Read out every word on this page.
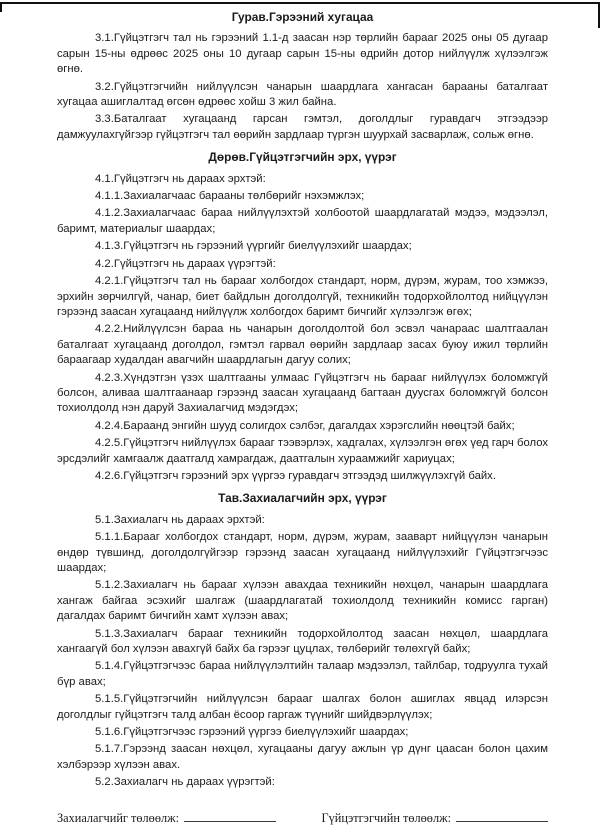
Гурав.Гэрээний хугацаа

3.1.Гүйцэтгэгч тал нь гэрээний 1.1-д заасан нэр төрлийн барааг 2025 оны 05 дугаар сарын 15-ны өдрөөс 2025 оны 10 дугаар сарын 15-ны өдрийн дотор нийлүүлж хүлээлгэж өгнө.

3.2.Гүйцэтгэгчийн нийлүүлсэн чанарын шаардлага хангасан барааны баталгаат хугацаа ашиглалтад өгсөн өдрөөс хойш 3 жил байна.

3.3.Баталгаат хугацаанд гарсан гэмтэл, доголдлыг гуравдагч этгээдээр дамжуулахгүйгээр гүйцэтгэгч тал өөрийн зардлаар түргэн шуурхай засварлаж, сольж өгнө.

Дөрөв.Гүйцэтгэгчийн эрх, үүрэг

4.1.Гүйцэтгэгч нь дараах эрхтэй:

4.1.1.Захиалагчаас барааны төлбөрийг нэхэмжлэх;

4.1.2.Захиалагчаас бараа нийлүүлэхтэй холбоотой шаардлагатай мэдээ, мэдээлэл, баримт, материалыг шаардах;

4.1.3.Гүйцэтгэгч нь гэрээний үүргийг биелүүлэхийг шаардах;

4.2.Гүйцэтгэгч нь дараах үүрэгтэй:

4.2.1.Гүйцэтгэгч тал нь барааг холбогдох стандарт, норм, дүрэм, журам, тоо хэмжээ, эрхийн зөрчилгүй, чанар, биет байдлын доголдолгүй, техникийн тодорхойлолтод нийцүүлэн гэрээнд заасан хугацаанд нийлүүлж холбогдох баримт бичгийг хүлээлгэж өгөх;

4.2.2.Нийлүүлсэн бараа нь чанарын доголдолтой бол эсвэл чанараас шалтгаалан баталгаат хугацаанд доголдол, гэмтэл гарвал өөрийн зардлаар засах буюу ижил төрлийн бараагаар худалдан авагчийн шаардлагын дагуу солих;

4.2.3.Хүндэтгэн үзэх шалтгааны улмаас Гүйцэтгэгч нь барааг нийлүүлэх боломжгүй болсон, аливаа шалтгаанаар гэрээнд заасан хугацаанд багтаан дуусгах боломжгүй болсон тохиолдолд нэн даруй Захиалагчид мэдэгдэх;

4.2.4.Бараанд энгийн шууд солигдох сэлбэг, дагалдах хэрэгслийн нөөцтэй байх;

4.2.5.Гүйцэтгэгч нийлүүлэх барааг тээвэрлэх, хадгалах, хүлээлгэн өгөх үед гарч болох эрсдэлийг хамгаалж даатгалд хамрагдаж, даатгалын хураамжийг хариуцах;

4.2.6.Гүйцэтгэгч гэрээний эрх үүргээ гуравдагч этгээдэд шилжүүлэхгүй байх.

Тав.Захиалагчийн эрх, үүрэг

5.1.Захиалагч нь дараах эрхтэй:

5.1.1.Барааг холбогдох стандарт, норм, дүрэм, журам, зааварт нийцүүлэн чанарын өндөр түвшинд, доголдолгүйгээр гэрээнд заасан хугацаанд нийлүүлэхийг Гүйцэтгэгчээс шаардах;

5.1.2.Захиалагч нь барааг хүлээн авахдаа техникийн нөхцөл, чанарын шаардлага хангаж байгаа эсэхийг шалгаж (шаардлагатай тохиолдолд техникийн комисс гарган) дагалдах баримт бичгийн хамт хүлээн авах;

5.1.3.Захиалагч барааг техникийн тодорхойлолтод заасан нөхцөл, шаардлага хангаагүй бол хүлээн авахгүй байх ба гэрээг цуцлах, төлбөрийг төлөхгүй байх;

5.1.4.Гүйцэтгэгчээс бараа нийлүүлэлтийн талаар мэдээлэл, тайлбар, тодруулга тухай бүр авах;

5.1.5.Гүйцэтгэгчийн нийлүүлсэн барааг шалгах болон ашиглах явцад илэрсэн доголдлыг гүйцэтгэгч талд албан ёсоор гаргаж түүнийг шийдвэрлүүлэх;

5.1.6.Гүйцэтгэгчээс гэрээний үүргээ биелүүлэхийг шаардах;

5.1.7.Гэрээнд заасан нөхцөл, хугацааны дагуу ажлын үр дүнг цаасан болон цахим хэлбэрээр хүлээн авах.

5.2.Захиалагч нь дараах үүрэгтэй:

Захиалагчийг төлөөлж:	Гүйцэтгэгчийн төлөөлж:
